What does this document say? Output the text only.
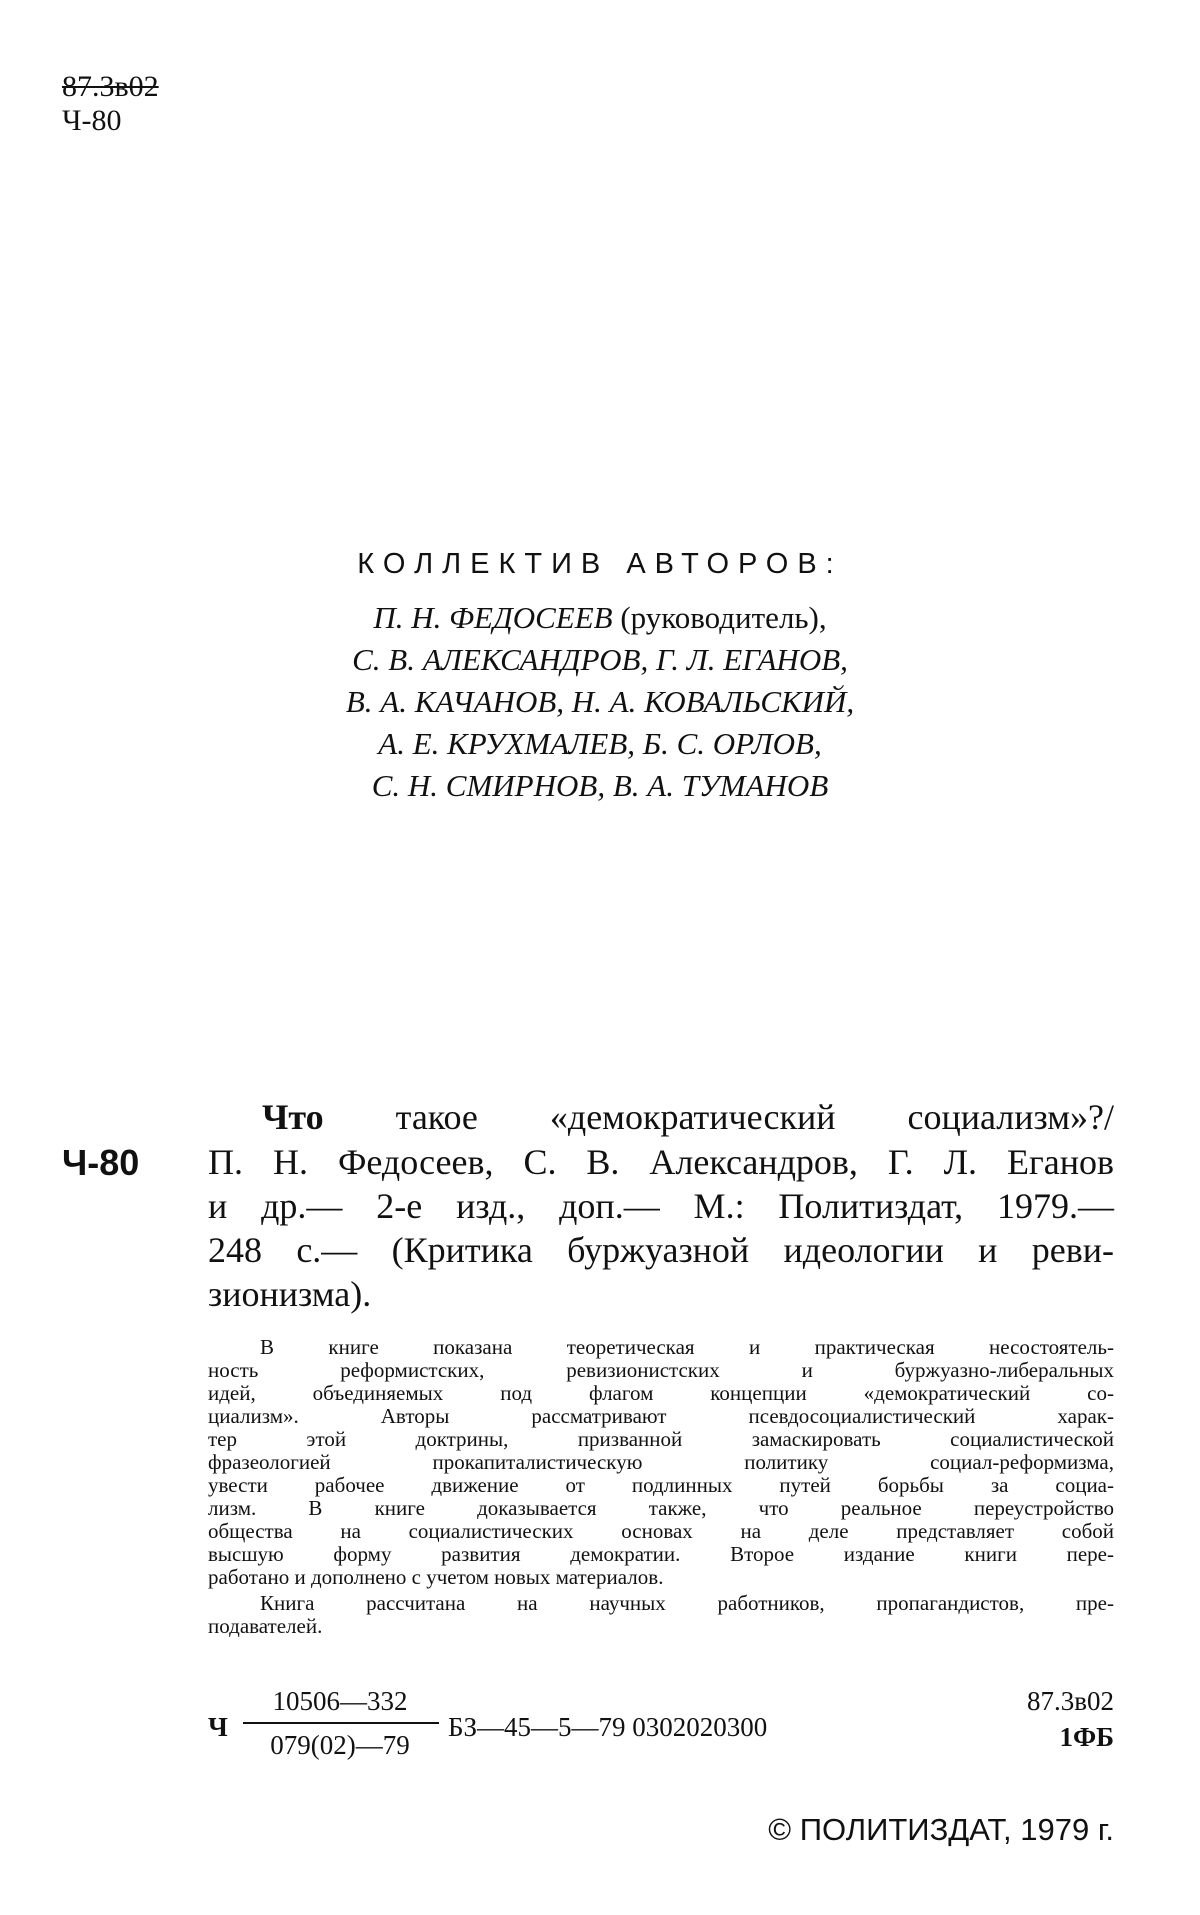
87.3в02
Ч-80
КОЛЛЕКТИВ АВТОРОВ:
П. Н. ФЕДОСЕЕВ (руководитель),
С. В. АЛЕКСАНДРОВ, Г. Л. ЕГАНОВ,
В. А. КАЧАНОВ, Н. А. КОВАЛЬСКИЙ,
А. Е. КРУХМАЛЕВ, Б. С. ОРЛОВ,
С. Н. СМИРНОВ, В. А. ТУМАНОВ
Ч-80
Что такое «демократический социализм»?/
П. Н. Федосеев, С. В. Александров, Г. Л. Еганов
и др.— 2-е изд., доп.— М.: Политиздат, 1979.—
248 с.— (Критика буржуазной идеологии и реви-
зионизма).
В книге показана теоретическая и практическая несостоятель-
ность реформистских, ревизионистских и буржуазно-либеральных
идей, объединяемых под флагом концепции «демократический со-
циализм». Авторы рассматривают псевдосоциалистический харак-
тер этой доктрины, призванной замаскировать социалистической
фразеологией прокапиталистическую политику социал-реформизма,
увести рабочее движение от подлинных путей борьбы за социа-
лизм. В книге доказывается также, что реальное переустройство
общества на социалистических основах на деле представляет собой
высшую форму развития демократии. Второе издание книги пере-
работано и дополнено с учетом новых материалов.
Книга рассчитана на научных работников, пропагандистов, пре-
подавателей.
Ч
10506—332
079(02)—79
БЗ—45—5—79 0302020300
87.3в02
1ФБ
© ПОЛИТИЗДАТ, 1979 г.
